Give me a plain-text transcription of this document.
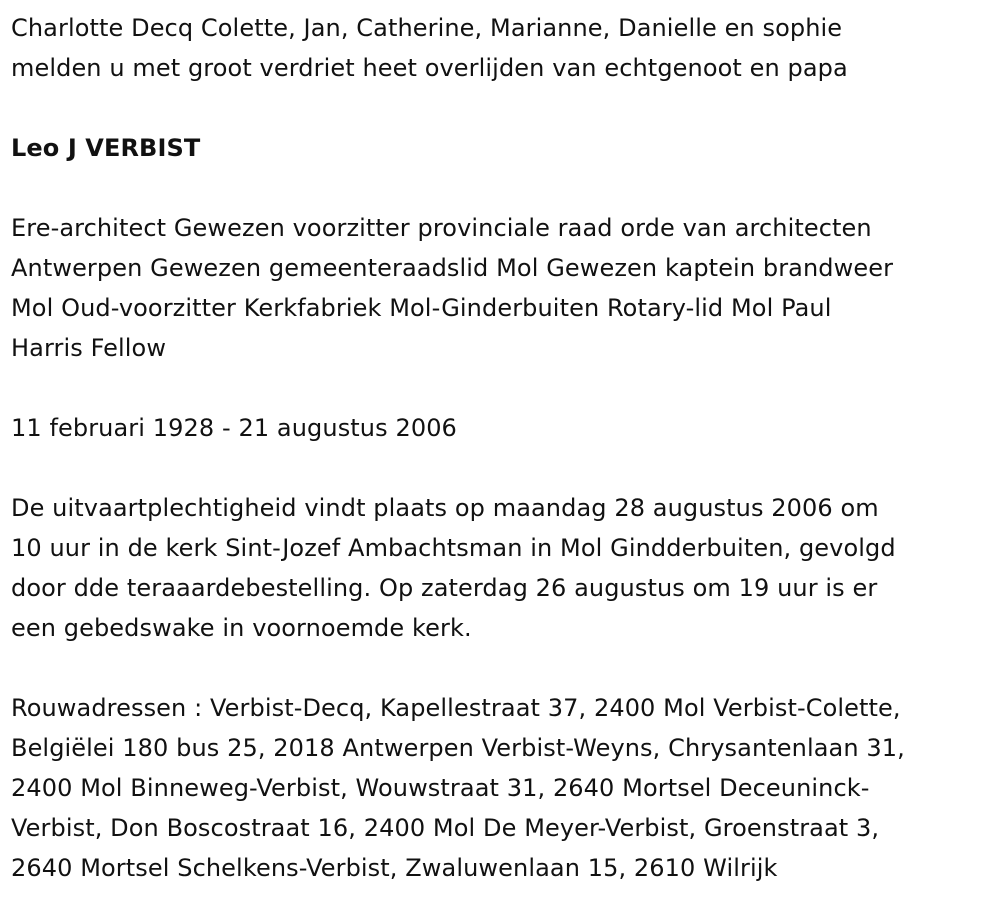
Charlotte Decq Colette, Jan, Catherine, Marianne, Danielle en sophie
melden u met groot verdriet heet overlijden van echtgenoot en papa

Leo J VERBIST

Ere-architect Gewezen voorzitter provinciale raad orde van architecten
Antwerpen Gewezen gemeenteraadslid Mol Gewezen kaptein brandweer
Mol Oud-voorzitter Kerkfabriek Mol-Ginderbuiten Rotary-lid Mol Paul
Harris Fellow

11 februari 1928 - 21 augustus 2006

De uitvaartplechtigheid vindt plaats op maandag 28 augustus 2006 om
10 uur in de kerk Sint-Jozef Ambachtsman in Mol Gindderbuiten, gevolgd
door dde teraaardebestelling. Op zaterdag 26 augustus om 19 uur is er
een gebedswake in voornoemde kerk.

Rouwadressen : Verbist-Decq, Kapellestraat 37, 2400 Mol Verbist-Colette,
Belgiëlei 180 bus 25, 2018 Antwerpen Verbist-Weyns, Chrysantenlaan 31,
2400 Mol Binneweg-Verbist, Wouwstraat 31, 2640 Mortsel Deceuninck-
Verbist, Don Boscostraat 16, 2400 Mol De Meyer-Verbist, Groenstraat 3,
2640 Mortsel Schelkens-Verbist, Zwaluwenlaan 15, 2610 Wilrijk
